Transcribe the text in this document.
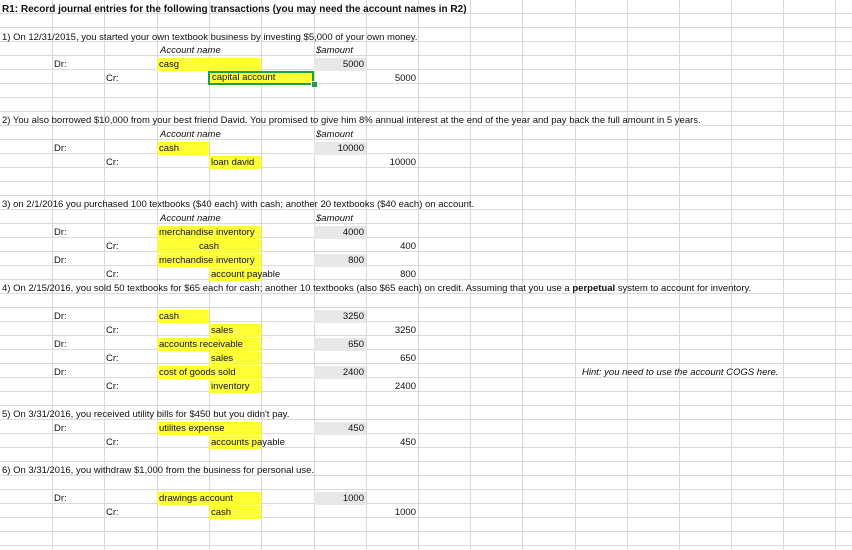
R1: Record journal entries for the following transactions (you may need the account names in R2)
1) On 12/31/2015, you started your own textbook business by investing $5,000 of your own money.
Account name	$amount
Dr:	casg	5000
Cr:	capital account	5000
2) You also borrowed $10,000 from your best friend David. You promised to give him 8% annual interest at the end of the year and pay back the full amount in 5 years.
Account name	$amount
Dr:	cash	10000
Cr:	loan david	10000
3) on 2/1/2016 you purchased 100 textbooks ($40 each) with cash; another 20 textbooks ($40 each) on account.
Account name	$amount
Dr:	merchandise inventory	4000
Cr:	cash	400
Dr:	merchandise inventory	800
Cr:	account payable	800
4) On 2/15/2016, you sold 50 textbooks for $65 each for cash; another 10 textbooks (also $65 each) on credit. Assuming that you use a perpetual system to account for inventory.
Dr:	cash	3250
Cr:	sales	3250
Dr:	accounts receivable	650
Cr:	sales	650
Dr:	cost of goods sold	2400	Hint: you need to use the account COGS here.
Cr:	inventory	2400
5) On 3/31/2016, you received utility bills for $450 but you didn't pay.
Dr:	utilites expense	450
Cr:	accounts payable	450
6) On 3/31/2016, you withdraw $1,000 from the business for personal use.
Dr:	drawings account	1000
Cr:	cash	1000
